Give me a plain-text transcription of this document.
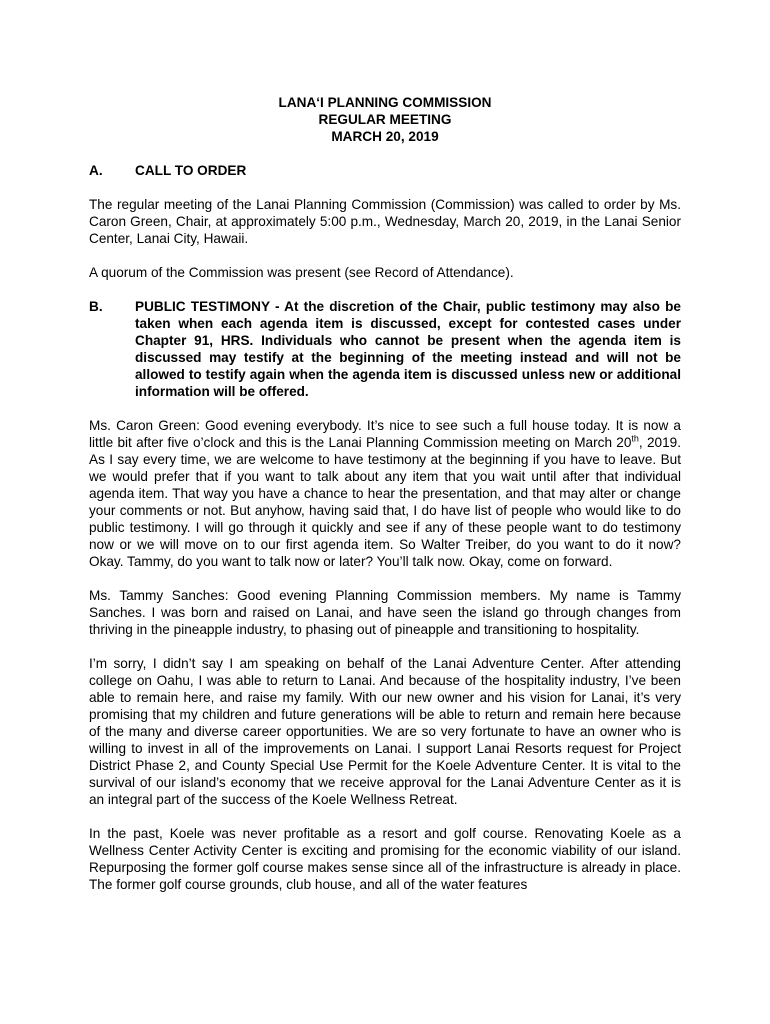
LANA‘I PLANNING COMMISSION
REGULAR MEETING
MARCH 20, 2019
A.	CALL TO ORDER

The regular meeting of the Lanai Planning Commission (Commission) was called to order by Ms. Caron Green, Chair, at approximately 5:00 p.m., Wednesday, March 20, 2019, in the Lanai Senior Center, Lanai City, Hawaii.

A quorum of the Commission was present (see Record of Attendance).

B.	PUBLIC TESTIMONY - At the discretion of the Chair, public testimony may also be taken when each agenda item is discussed, except for contested cases under Chapter 91, HRS. Individuals who cannot be present when the agenda item is discussed may testify at the beginning of the meeting instead and will not be allowed to testify again when the agenda item is discussed unless new or additional information will be offered.

Ms. Caron Green: Good evening everybody. It’s nice to see such a full house today. It is now a little bit after five o’clock and this is the Lanai Planning Commission meeting on March 20th, 2019. As I say every time, we are welcome to have testimony at the beginning if you have to leave. But we would prefer that if you want to talk about any item that you wait until after that individual agenda item. That way you have a chance to hear the presentation, and that may alter or change your comments or not. But anyhow, having said that, I do have list of people who would like to do public testimony. I will go through it quickly and see if any of these people want to do testimony now or we will move on to our first agenda item. So Walter Treiber, do you want to do it now? Okay. Tammy, do you want to talk now or later? You’ll talk now. Okay, come on forward.

Ms. Tammy Sanches: Good evening Planning Commission members. My name is Tammy Sanches. I was born and raised on Lanai, and have seen the island go through changes from thriving in the pineapple industry, to phasing out of pineapple and transitioning to hospitality.

I’m sorry, I didn’t say I am speaking on behalf of the Lanai Adventure Center. After attending college on Oahu, I was able to return to Lanai. And because of the hospitality industry, I’ve been able to remain here, and raise my family. With our new owner and his vision for Lanai, it’s very promising that my children and future generations will be able to return and remain here because of the many and diverse career opportunities. We are so very fortunate to have an owner who is willing to invest in all of the improvements on Lanai. I support Lanai Resorts request for Project District Phase 2, and County Special Use Permit for the Koele Adventure Center. It is vital to the survival of our island’s economy that we receive approval for the Lanai Adventure Center as it is an integral part of the success of the Koele Wellness Retreat.

In the past, Koele was never profitable as a resort and golf course. Renovating Koele as a Wellness Center Activity Center is exciting and promising for the economic viability of our island. Repurposing the former golf course makes sense since all of the infrastructure is already in place. The former golf course grounds, club house, and all of the water features
